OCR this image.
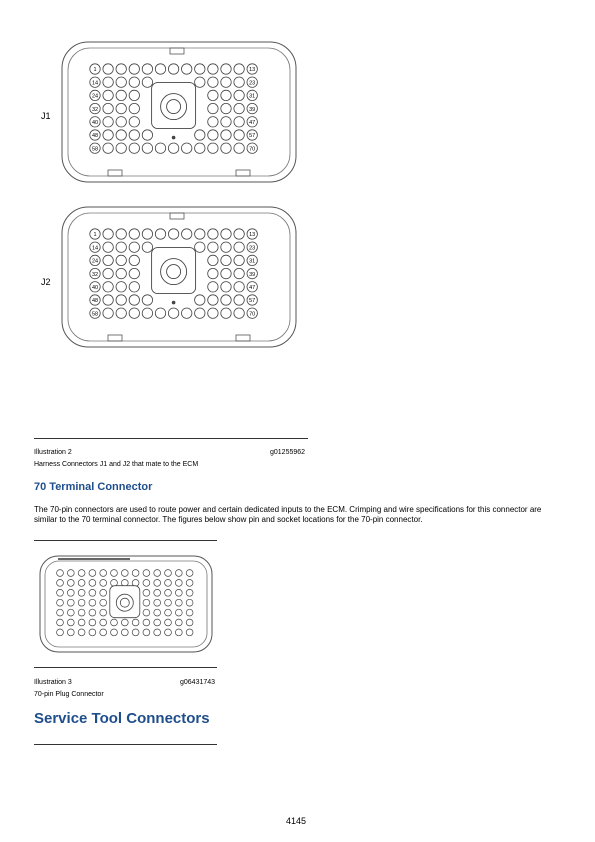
J1
J2
1	13
14	23
24	31
32	39
40	47
48	57
58	70
1	13
14	23
24	31
32	39
40	47
48	57
58	70
Illustration 2	g01255962
Harness Connectors J1 and J2 that mate to the ECM
70 Terminal Connector
The 70-pin connectors are used to route power and certain dedicated inputs to the ECM. Crimping and wire specifications for this connector are similar to the 70 terminal connector. The figures below show pin and socket locations for the 70-pin connector.
Illustration 3	g06431743
70-pin Plug Connector
Service Tool Connectors
4145
